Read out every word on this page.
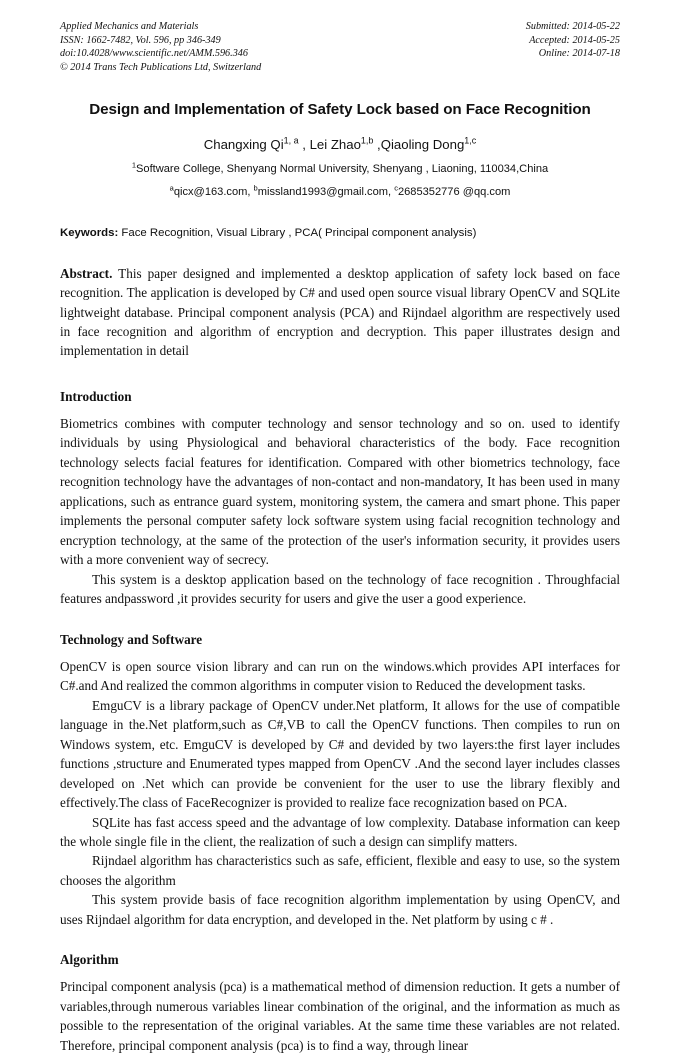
Applied Mechanics and Materials
ISSN: 1662-7482, Vol. 596, pp 346-349
doi:10.4028/www.scientific.net/AMM.596.346
© 2014 Trans Tech Publications Ltd, Switzerland
Submitted: 2014-05-22
Accepted: 2014-05-25
Online: 2014-07-18
Design and Implementation of Safety Lock based on Face Recognition
Changxing Qi$^{1, a}$ , Lei Zhao$^{1,b}$ ,Qiaoling Dong$^{1,c}$
$^1$Software College, Shenyang Normal University, Shenyang , Liaoning, 110034,China
$^a$qicx@163.com, $^b$missland1993@gmail.com, $^c$2685352776 @qq.com
Keywords: Face Recognition, Visual Library , PCA( Principal component analysis)
Abstract. This paper designed and implemented a desktop application of safety lock based on face recognition. The application is developed by C# and used open source visual library OpenCV and SQLite lightweight database. Principal component analysis (PCA) and Rijndael algorithm are respectively used in face recognition and algorithm of encryption and decryption. This paper illustrates design and implementation in detail
Introduction

Biometrics combines with computer technology and sensor technology and so on. used to identify individuals by using Physiological and behavioral characteristics of the body. Face recognition technology selects facial features for identification. Compared with other biometrics technology, face recognition technology have the advantages of non-contact and non-mandatory, It has been used in many applications, such as entrance guard system, monitoring system, the camera and smart phone. This paper implements the personal computer safety lock software system using facial recognition technology and encryption technology, at the same of the protection of the user's information security, it provides users with a more convenient way of secrecy.

This system is a desktop application based on the technology of face recognition . Throughfacial features andpassword ,it provides security for users and give the user a good experience.

Technology and Software

OpenCV is open source vision library and can run on the windows.which provides API interfaces for C#.and And realized the common algorithms in computer vision to Reduced the development tasks.

EmguCV is a library package of OpenCV under.Net platform, It allows for the use of compatible language in the.Net platform,such as C#,VB to call the OpenCV functions. Then compiles to run on Windows system, etc. EmguCV is developed by C# and devided by two layers:the first layer includes functions ,structure and Enumerated types mapped from OpenCV .And the second layer includes classes developed on .Net which can provide be convenient for the user to use the library flexibly and effectively.The class of FaceRecognizer is provided to realize face recognization based on PCA.

SQLite has fast access speed and the advantage of low complexity. Database information can keep the whole single file in the client, the realization of such a design can simplify matters.

Rijndael algorithm has characteristics such as safe, efficient, flexible and easy to use, so the system chooses the algorithm

This system provide basis of face recognition algorithm implementation by using OpenCV, and uses Rijndael algorithm for data encryption, and developed in the. Net platform by using c # .

Algorithm

Principal component analysis (pca) is a mathematical method of dimension reduction. It gets a number of variables,through numerous variables linear combination of the original, and the information as much as possible to the representation of the original variables. At the same time these variables are not related. Therefore, principal component analysis (pca) is to find a way, through linear
